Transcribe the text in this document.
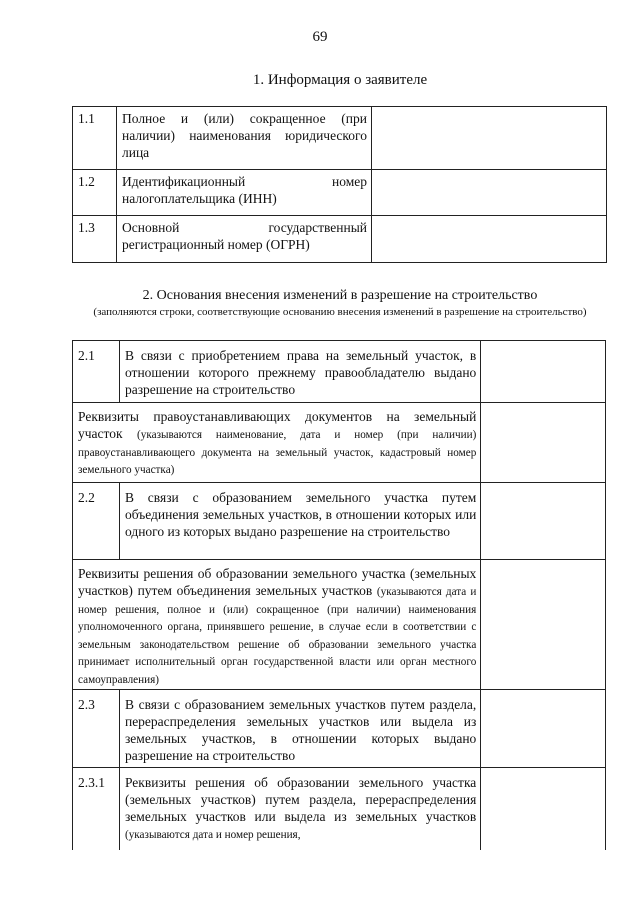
69
1. Информация о заявителе
1.1	Полное и (или) сокращенное (при наличии) наименования юридического лица	
1.2	Идентификационный номер налогоплательщика (ИНН)	
1.3	Основной государственный регистрационный номер (ОГРН)	
2. Основания внесения изменений в разрешение на строительство
(заполняются строки, соответствующие основанию внесения изменений в разрешение на строительство)
2.1	В связи с приобретением права на земельный участок, в отношении которого прежнему правообладателю выдано разрешение на строительство	
Реквизиты правоустанавливающих документов на земельный участок (указываются наименование, дата и номер (при наличии) правоустанавливающего документа на земельный участок, кадастровый номер земельного участка)		
2.2	В связи с образованием земельного участка путем объединения земельных участков, в отношении которых или одного из которых выдано разрешение на строительство	
Реквизиты решения об образовании земельного участка (земельных участков) путем объединения земельных участков (указываются дата и номер решения, полное и (или) сокращенное (при наличии) наименования уполномоченного органа, принявшего решение, в случае если в соответствии с земельным законодательством решение об образовании земельного участка принимает исполнительный орган государственной власти или орган местного самоуправления)		
2.3	В связи с образованием земельных участков путем раздела, перераспределения земельных участков или выдела из земельных участков, в отношении которых выдано разрешение на строительство	
2.3.1	Реквизиты решения об образовании земельного участка (земельных участков) путем раздела, перераспределения земельных участков или выдела из земельных участков (указываются дата и номер решения,	
